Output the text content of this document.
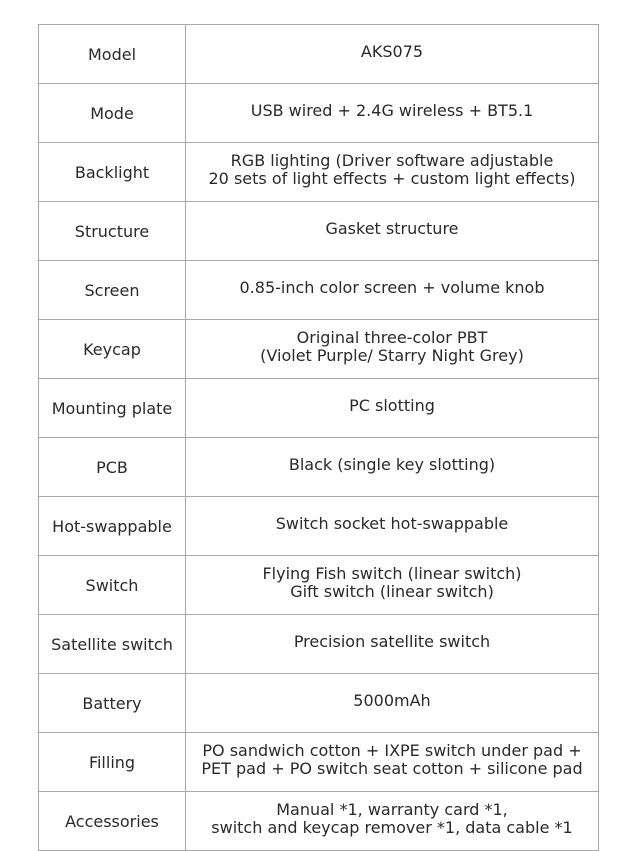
Model	AKS075

Mode	USB wired + 2.4G wireless + BT5.1

Backlight	RGB lighting (Driver software adjustable
20 sets of light effects + custom light effects)

Structure	Gasket structure

Screen	0.85-inch color screen + volume knob

Keycap	Original three-color PBT
(Violet Purple/ Starry Night Grey)

Mounting plate	PC slotting

PCB	Black (single key slotting)

Hot-swappable	Switch socket hot-swappable

Switch	Flying Fish switch (linear switch)
Gift switch (linear switch)

Satellite switch	Precision satellite switch

Battery	5000mAh

Filling	PO sandwich cotton + IXPE switch under pad +
PET pad + PO switch seat cotton + silicone pad

Accessories	Manual *1, warranty card *1,
switch and keycap remover *1, data cable *1
